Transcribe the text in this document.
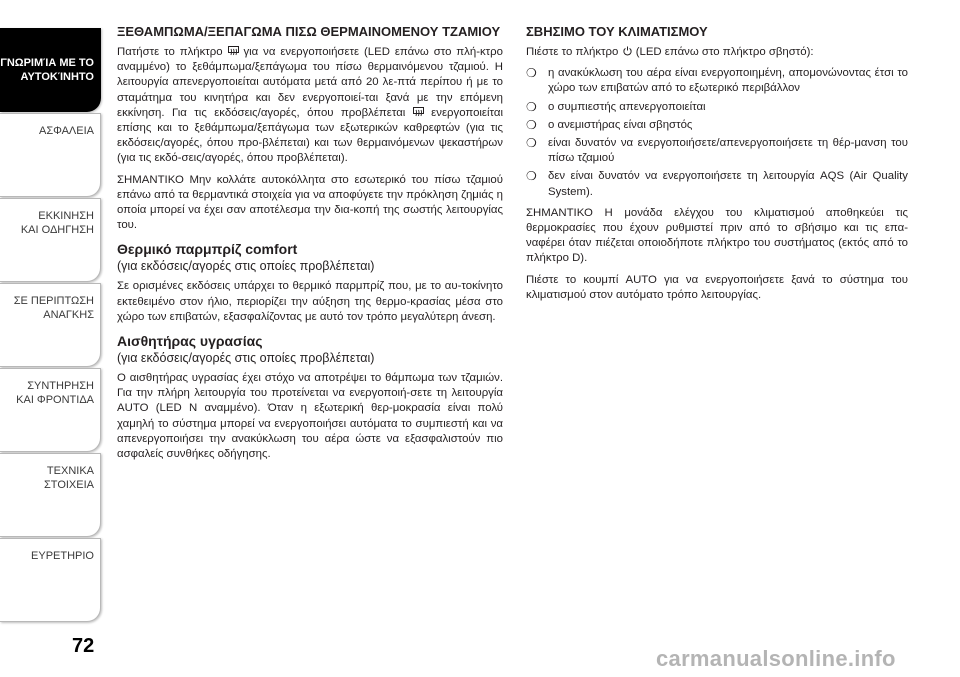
ΓΝΩΡΙΜΊΑ ΜΕ ΤΟ
ΑΥΤΟΚΊΝΗΤΟ
ΑΣΦΑΛΕΙΑ
ΕΚΚΙΝΗΣΗ
ΚΑΙ ΟΔΗΓΗΣΗ
ΣΕ ΠΕΡΙΠΤΩΣΗ
ΑΝΑΓΚΗΣ
ΣΥΝΤΗΡΗΣΗ
ΚΑΙ ΦΡΟΝΤΙΔΑ
ΤΕΧΝΙΚΑ
ΣΤΟΙΧΕΙΑ
ΕΥΡΕΤΗΡΙΟ
72
ΞΕΘΑΜΠΩΜΑ/ΞΕΠΑΓΩΜΑ ΠΙΣΩ ΘΕΡΜΑΙΝΟΜΕΝΟΥ ΤΖΑΜΙΟΥ

Πατήστε το πλήκτρο για να ενεργοποιήσετε (LED επάνω στο πλή-κτρο αναμμένο) το ξεθάμπωμα/ξεπάγωμα του πίσω θερμαινόμενου τζαμιού. Η λειτουργία απενεργοποιείται αυτόματα μετά από 20 λε-πτά περίπου ή με το σταμάτημα του κινητήρα και δεν ενεργοποιεί-ται ξανά με την επόμενη εκκίνηση. Για τις εκδόσεις/αγορές, όπου προβλέπεται ενεργοποιείται επίσης και το ξεθάμπωμα/ξεπάγωμα των εξωτερικών καθρεφτών (για τις εκδόσεις/αγορές, όπου προ-βλέπεται) και των θερμαινόμενων ψεκαστήρων (για τις εκδό-σεις/αγορές, όπου προβλέπεται).

ΣΗΜΑΝΤΙΚΟ Μην κολλάτε αυτοκόλλητα στο εσωτερικό του πίσω τζαμιού επάνω από τα θερμαντικά στοιχεία για να αποφύγετε την πρόκληση ζημιάς η οποία μπορεί να έχει σαν αποτέλεσμα την δια-κοπή της σωστής λειτουργίας του.

Θερμικό παρμπρίζ comfort
(για εκδόσεις/αγορές στις οποίες προβλέπεται)

Σε ορισμένες εκδόσεις υπάρχει το θερμικό παρμπρίζ που, με το αυ-τοκίνητο εκτεθειμένο στον ήλιο, περιορίζει την αύξηση της θερμο-κρασίας μέσα στο χώρο των επιβατών, εξασφαλίζοντας με αυτό τον τρόπο μεγαλύτερη άνεση.

Αισθητήρας υγρασίας
(για εκδόσεις/αγορές στις οποίες προβλέπεται)

Ο αισθητήρας υγρασίας έχει στόχο να αποτρέψει το θάμπωμα των τζαμιών. Για την πλήρη λειτουργία του προτείνεται να ενεργοποιή-σετε τη λειτουργία AUTO (LED N αναμμένο). Όταν η εξωτερική θερ-μοκρασία είναι πολύ χαμηλή το σύστημα μπορεί να ενεργοποιήσει αυτόματα το συμπιεστή και να απενεργοποιήσει την ανακύκλωση του αέρα ώστε να εξασφαλιστούν πιο ασφαλείς συνθήκες οδήγησης.

ΣΒΗΣΙΜΟ ΤΟΥ ΚΛΙΜΑΤΙΣΜΟΥ

Πιέστε το πλήκτρο (LED επάνω στο πλήκτρο σβηστό):

❍ η ανακύκλωση του αέρα είναι ενεργοποιημένη, απομονώνοντας έτσι το χώρο των επιβατών από το εξωτερικό περιβάλλον
❍ ο συμπιεστής απενεργοποιείται
❍ ο ανεμιστήρας είναι σβηστός
❍ είναι δυνατόν να ενεργοποιήσετε/απενεργοποιήσετε τη θέρ-μανση του πίσω τζαμιού
❍ δεν είναι δυνατόν να ενεργοποιήσετε τη λειτουργία AQS (Air Quality System).

ΣΗΜΑΝΤΙΚΟ Η μονάδα ελέγχου του κλιματισμού αποθηκεύει τις θερμοκρασίες που έχουν ρυθμιστεί πριν από το σβήσιμο και τις επα-ναφέρει όταν πιέζεται οποιοδήποτε πλήκτρο του συστήματος (εκτός από το πλήκτρο D).

Πιέστε το κουμπί AUTO για να ενεργοποιήσετε ξανά το σύστημα του κλιματισμού στον αυτόματο τρόπο λειτουργίας.

carmanualsonline.info
